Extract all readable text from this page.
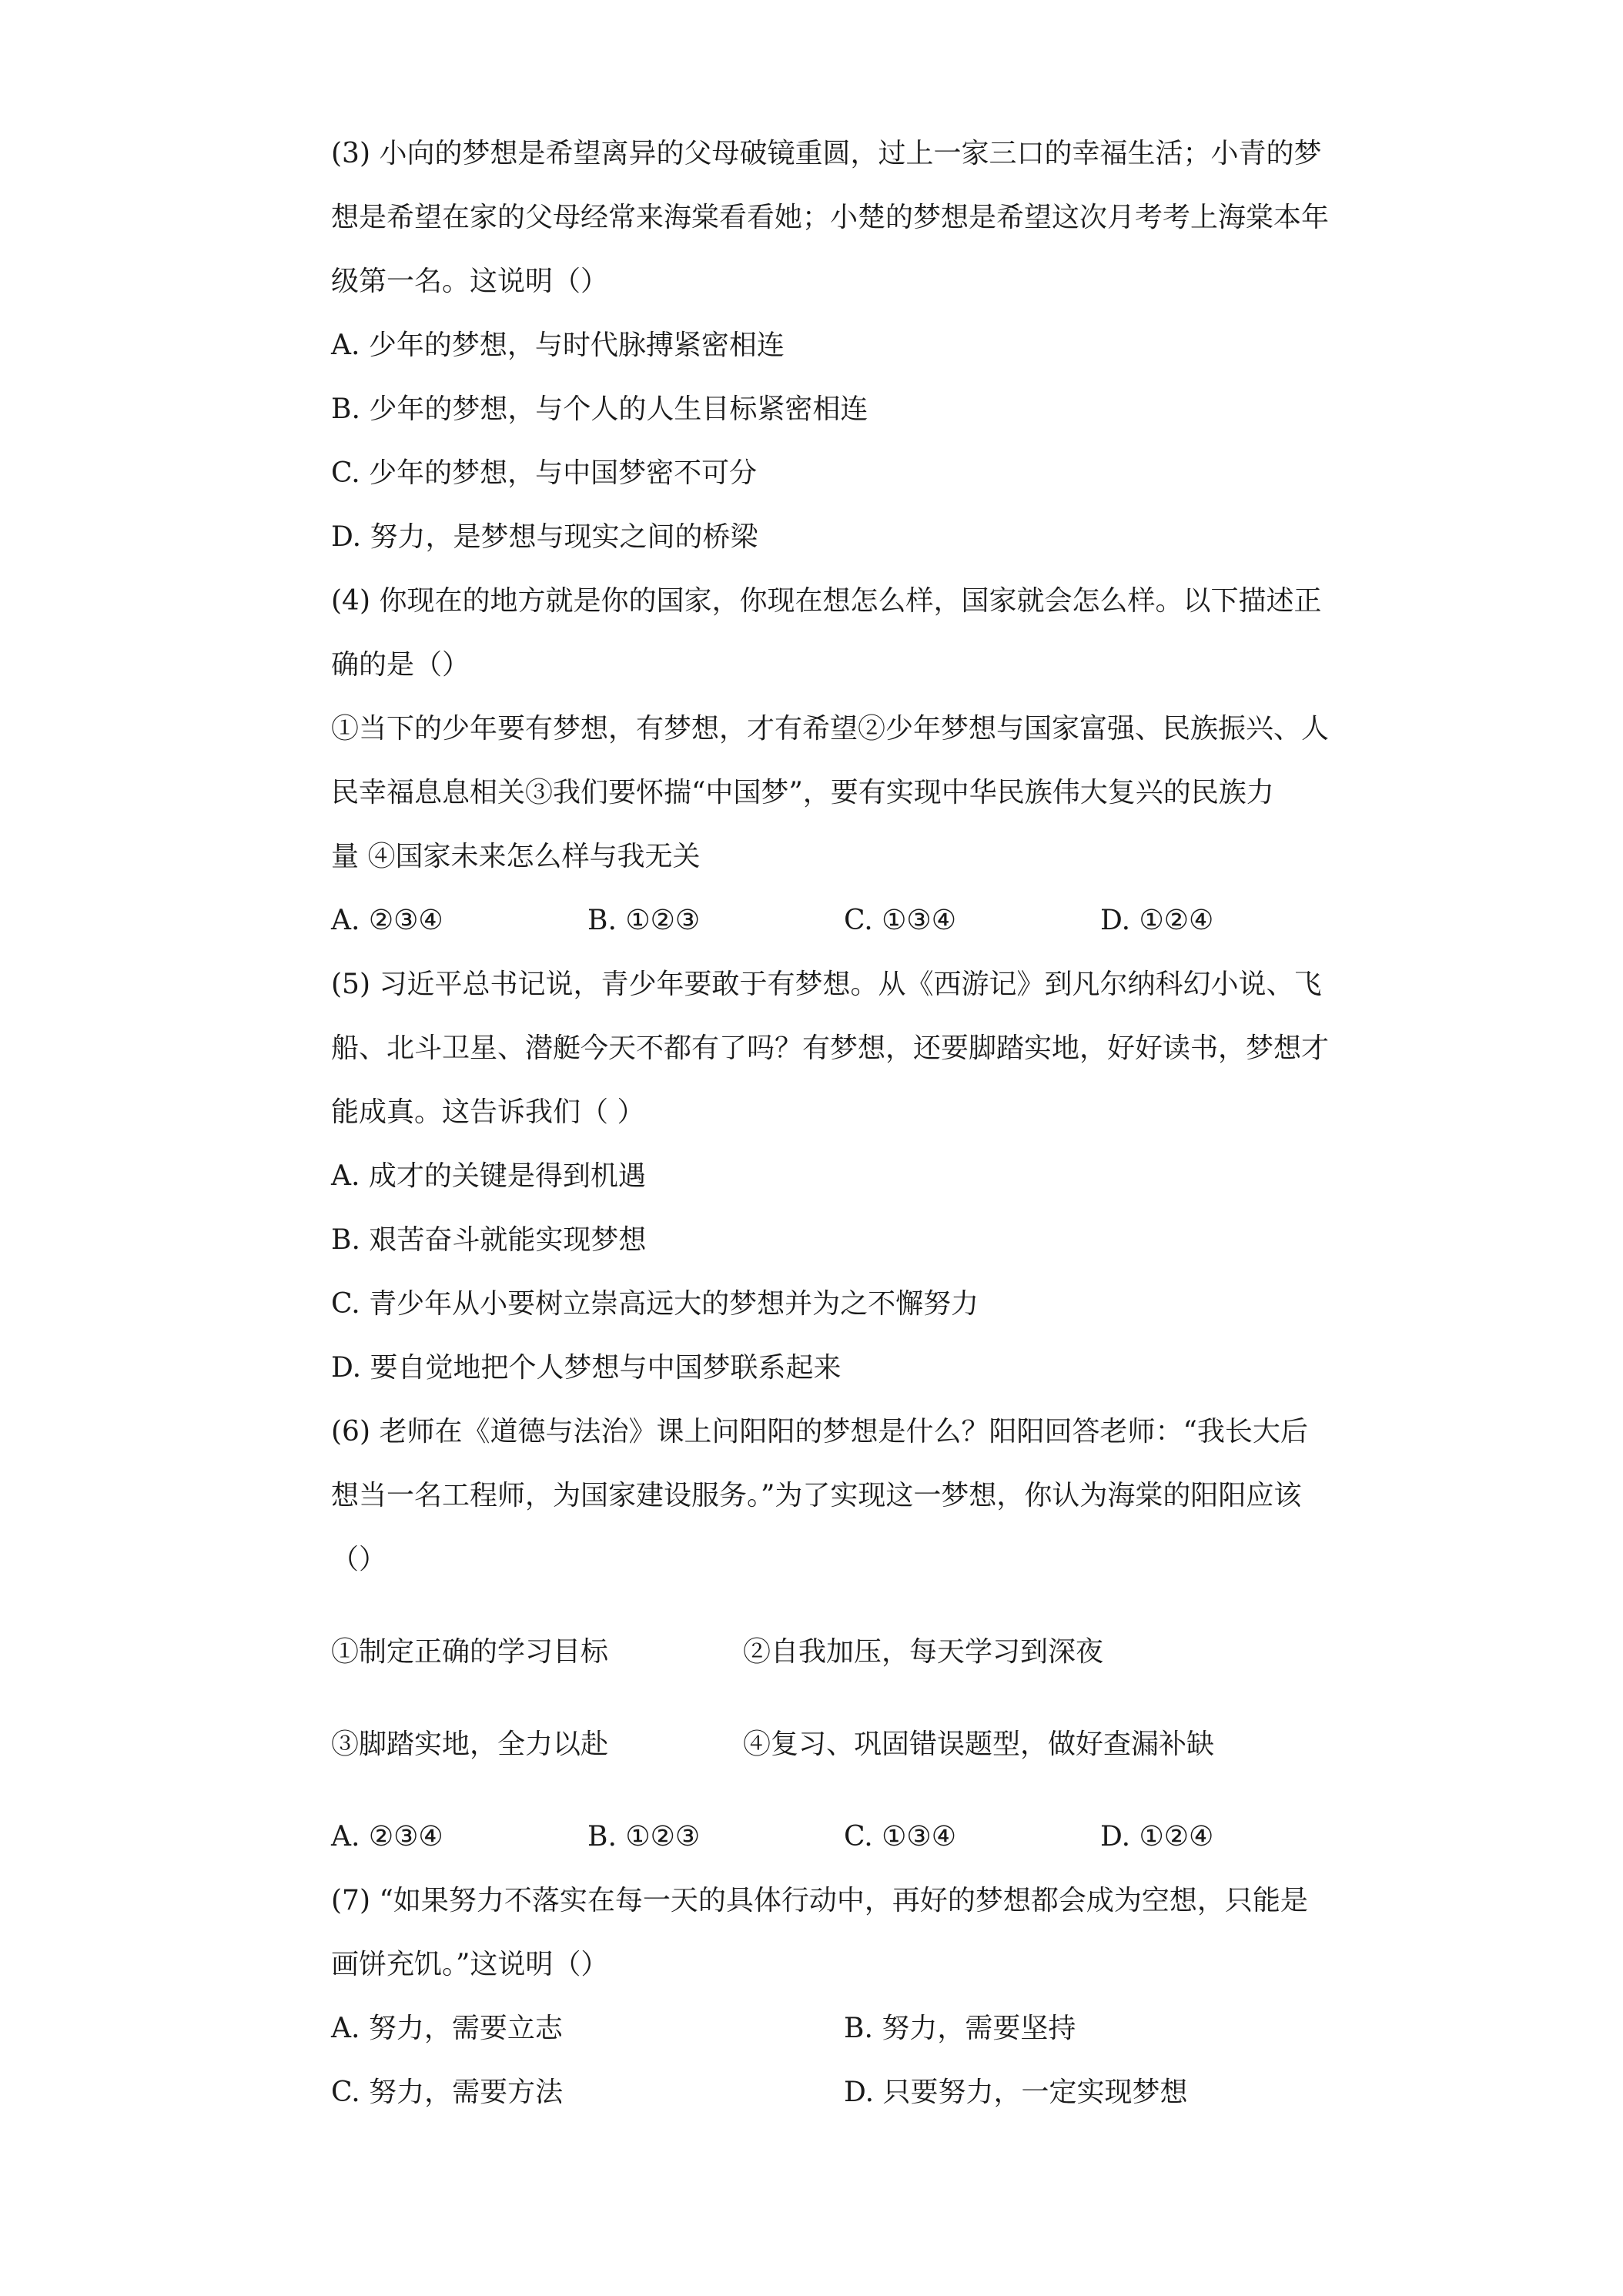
(3) 小向的梦想是希望离异的父母破镜重圆，过上一家三口的幸福生活；小青的梦
想是希望在家的父母经常来海棠看看她；小楚的梦想是希望这次月考考上海棠本年
级第一名。这说明（）
A. 少年的梦想，与时代脉搏紧密相连
B. 少年的梦想，与个人的人生目标紧密相连
C. 少年的梦想，与中国梦密不可分
D. 努力，是梦想与现实之间的桥梁
(4) 你现在的地方就是你的国家，你现在想怎么样，国家就会怎么样。以下描述正
确的是（）
①当下的少年要有梦想，有梦想，才有希望②少年梦想与国家富强、民族振兴、人
民幸福息息相关③我们要怀揣“中国梦”，要有实现中华民族伟大复兴的民族力
量 ④国家未来怎么样与我无关
A. ②③④	B. ①②③	C. ①③④	D. ①②④
(5) 习近平总书记说，青少年要敢于有梦想。从《西游记》到凡尔纳科幻小说、飞
船、北斗卫星、潜艇今天不都有了吗？有梦想，还要脚踏实地，好好读书，梦想才
能成真。这告诉我们（ ）
A. 成才的关键是得到机遇
B. 艰苦奋斗就能实现梦想
C. 青少年从小要树立崇高远大的梦想并为之不懈努力
D. 要自觉地把个人梦想与中国梦联系起来
(6) 老师在《道德与法治》课上问阳阳的梦想是什么？阳阳回答老师：“我长大后
想当一名工程师，为国家建设服务。”为了实现这一梦想，你认为海棠的阳阳应该
（）
①制定正确的学习目标	②自我加压，每天学习到深夜
③脚踏实地，全力以赴	④复习、巩固错误题型，做好查漏补缺
A. ②③④	B. ①②③	C. ①③④	D. ①②④
(7) “如果努力不落实在每一天的具体行动中，再好的梦想都会成为空想，只能是
画饼充饥。”这说明（）
A. 努力，需要立志	B. 努力，需要坚持
C. 努力，需要方法	D. 只要努力，一定实现梦想
